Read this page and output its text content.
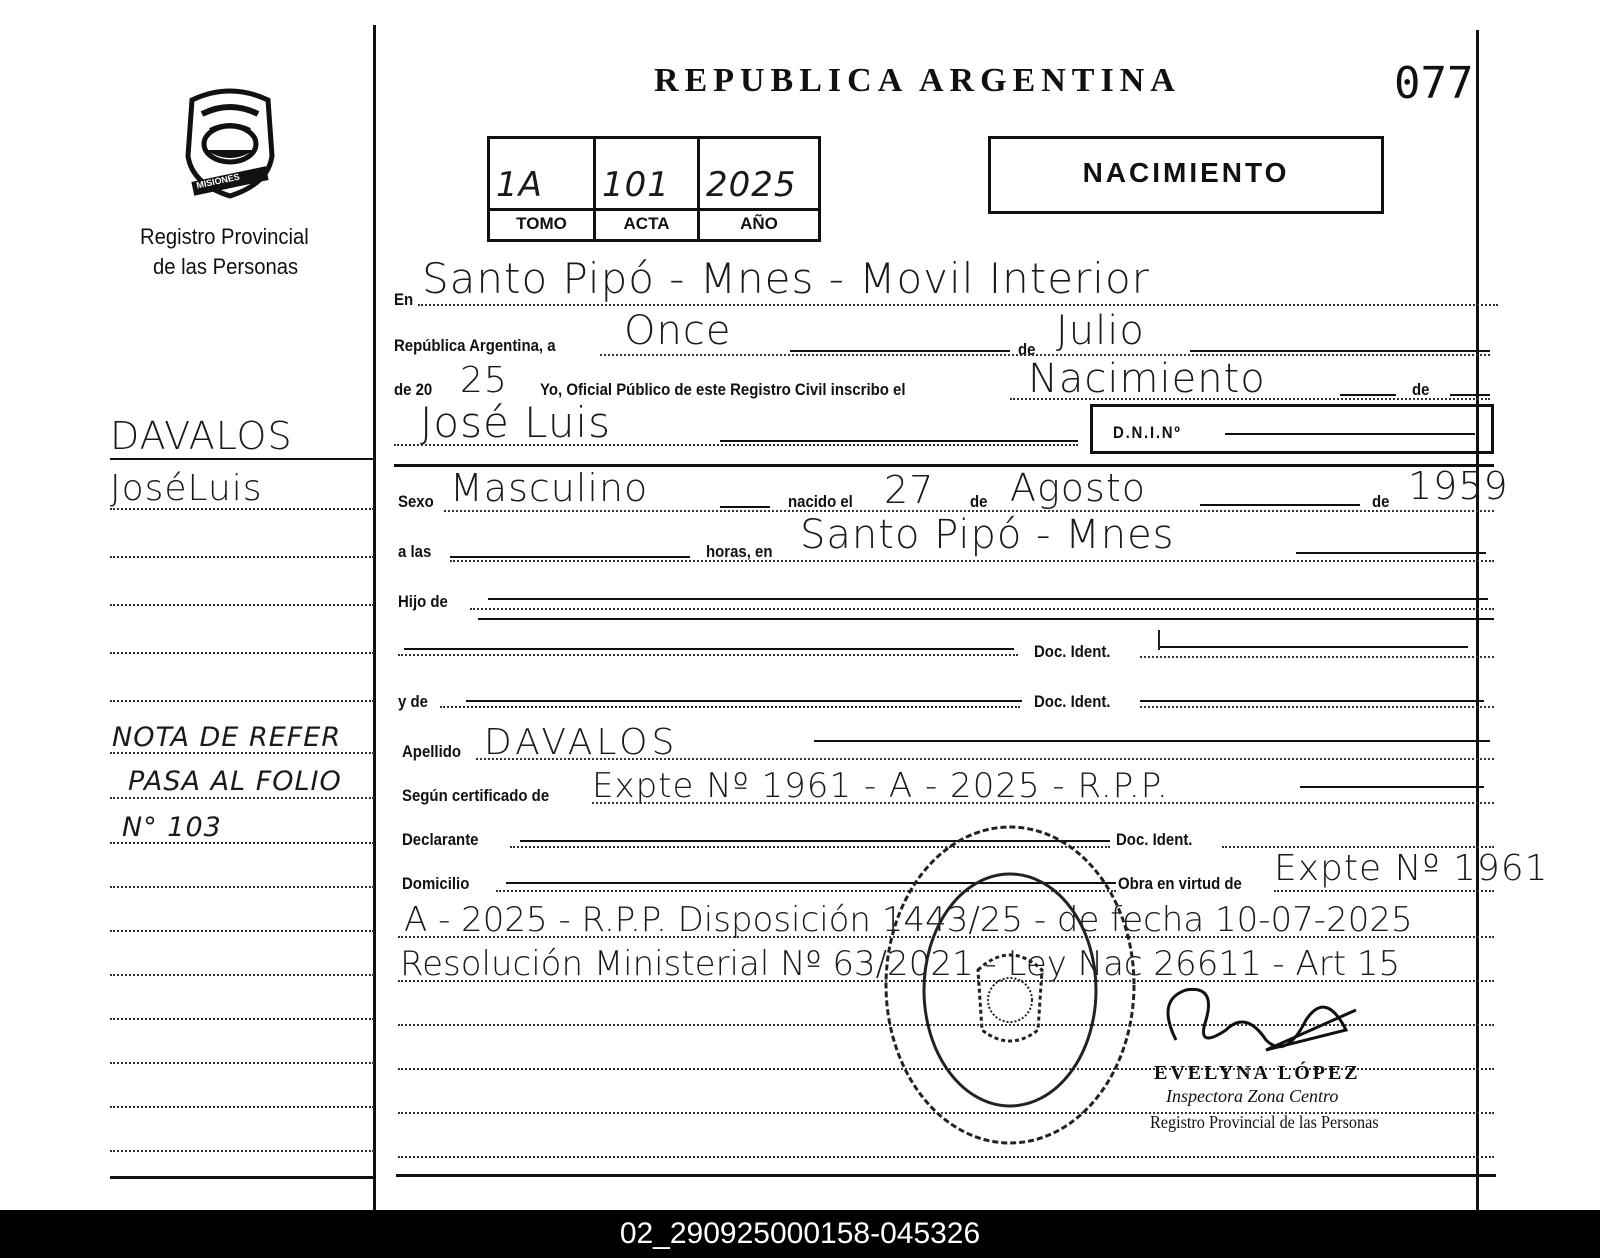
MISIONES
Registro Provincial
de las Personas
REPUBLICA ARGENTINA	077
1A
TOMO
101
ACTA
2025
AÑO
NACIMIENTO
DAVALOS
JoséLuis
NOTA DE REFER
PASA AL FOLIO
N° 103
En Santo Pipó - Mnes - Movil Interior
República Argentina, a Once	de Julio
de 20 25 Yo, Oficial Público de este Registro Civil inscribo el	Nacimiento	de
José Luis	D.N.I.Nº
Sexo Masculino	nacido el 27 de Agosto	de 1959
a las	horas, en Santo Pipó - Mnes
Hijo de
Doc. Ident.
y de	Doc. Ident.
Apellido DAVALOS
Según certificado de Expte Nº 1961 - A - 2025 - R.P.P.
Declarante	Doc. Ident.
Domicilio	Obra en virtud de Expte Nº 1961
A - 2025 - R.P.P. Disposición 1443/25 - de fecha 10-07-2025
Resolución Ministerial Nº 63/2021 - Ley Nac 26611 - Art 15
EVELYNA LÓPEZ
Inspectora Zona Centro
Registro Provincial de las Personas
02_290925000158-045326
